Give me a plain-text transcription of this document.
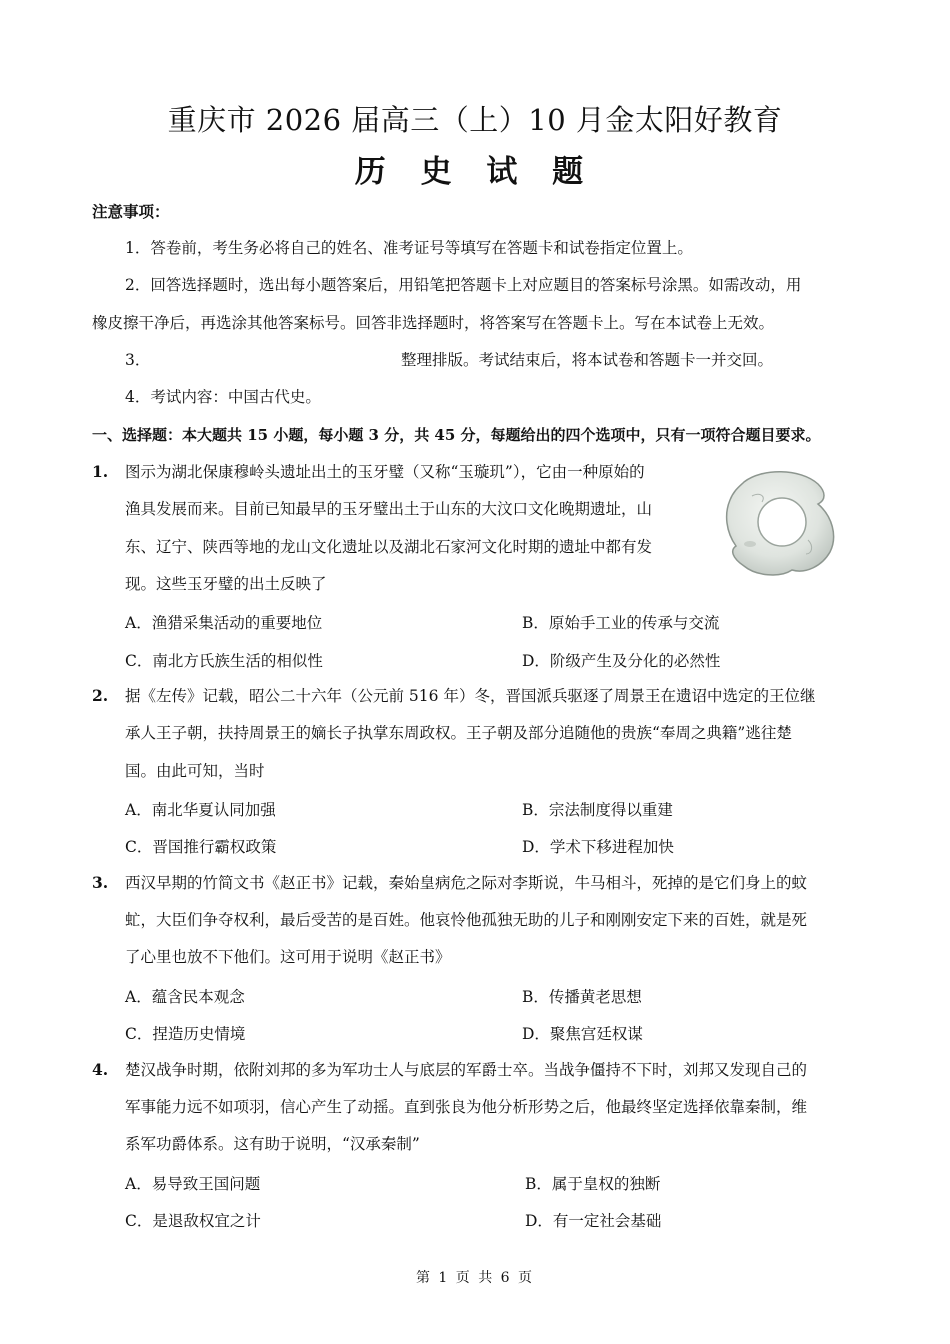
重庆市 2026 届高三（上）10 月金太阳好教育
历 史 试 题
注意事项：
1．答卷前，考生务必将自己的姓名、准考证号等填写在答题卡和试卷指定位置上。
2．回答选择题时，选出每小题答案后，用铅笔把答题卡上对应题目的答案标号涂黑。如需改动，用
橡皮擦干净后，再选涂其他答案标号。回答非选择题时，将答案写在答题卡上。写在本试卷上无效。
3．	整理排版。考试结束后，将本试卷和答题卡一并交回。
4．考试内容：中国古代史。
一、选择题：本大题共 15 小题，每小题 3 分，共 45 分，每题给出的四个选项中，只有一项符合题目要求。
1. 图示为湖北保康穆岭头遗址出土的玉牙璧（又称“玉璇玑”），它由一种原始的
渔具发展而来。目前已知最早的玉牙璧出土于山东的大汶口文化晚期遗址，山
东、辽宁、陕西等地的龙山文化遗址以及湖北石家河文化时期的遗址中都有发
现。这些玉牙璧的出土反映了
A．渔猎采集活动的重要地位	B．原始手工业的传承与交流
C．南北方氏族生活的相似性	D．阶级产生及分化的必然性
2. 据《左传》记载，昭公二十六年（公元前 516 年）冬，晋国派兵驱逐了周景王在遗诏中选定的王位继
承人王子朝，扶持周景王的嫡长子执掌东周政权。王子朝及部分追随他的贵族“奉周之典籍”逃往楚
国。由此可知，当时
A．南北华夏认同加强	B．宗法制度得以重建
C．晋国推行霸权政策	D．学术下移进程加快
3. 西汉早期的竹简文书《赵正书》记载，秦始皇病危之际对李斯说，牛马相斗，死掉的是它们身上的蚊
虻，大臣们争夺权利，最后受苦的是百姓。他哀怜他孤独无助的儿子和刚刚安定下来的百姓，就是死
了心里也放不下他们。这可用于说明《赵正书》
A．蕴含民本观念	B．传播黄老思想
C．捏造历史情境	D．聚焦宫廷权谋
4. 楚汉战争时期，依附刘邦的多为军功士人与底层的军爵士卒。当战争僵持不下时，刘邦又发现自己的
军事能力远不如项羽，信心产生了动摇。直到张良为他分析形势之后，他最终坚定选择依靠秦制，维
系军功爵体系。这有助于说明，“汉承秦制”
A．易导致王国问题	B．属于皇权的独断
C．是退敌权宜之计	D．有一定社会基础
第 1 页 共 6 页
